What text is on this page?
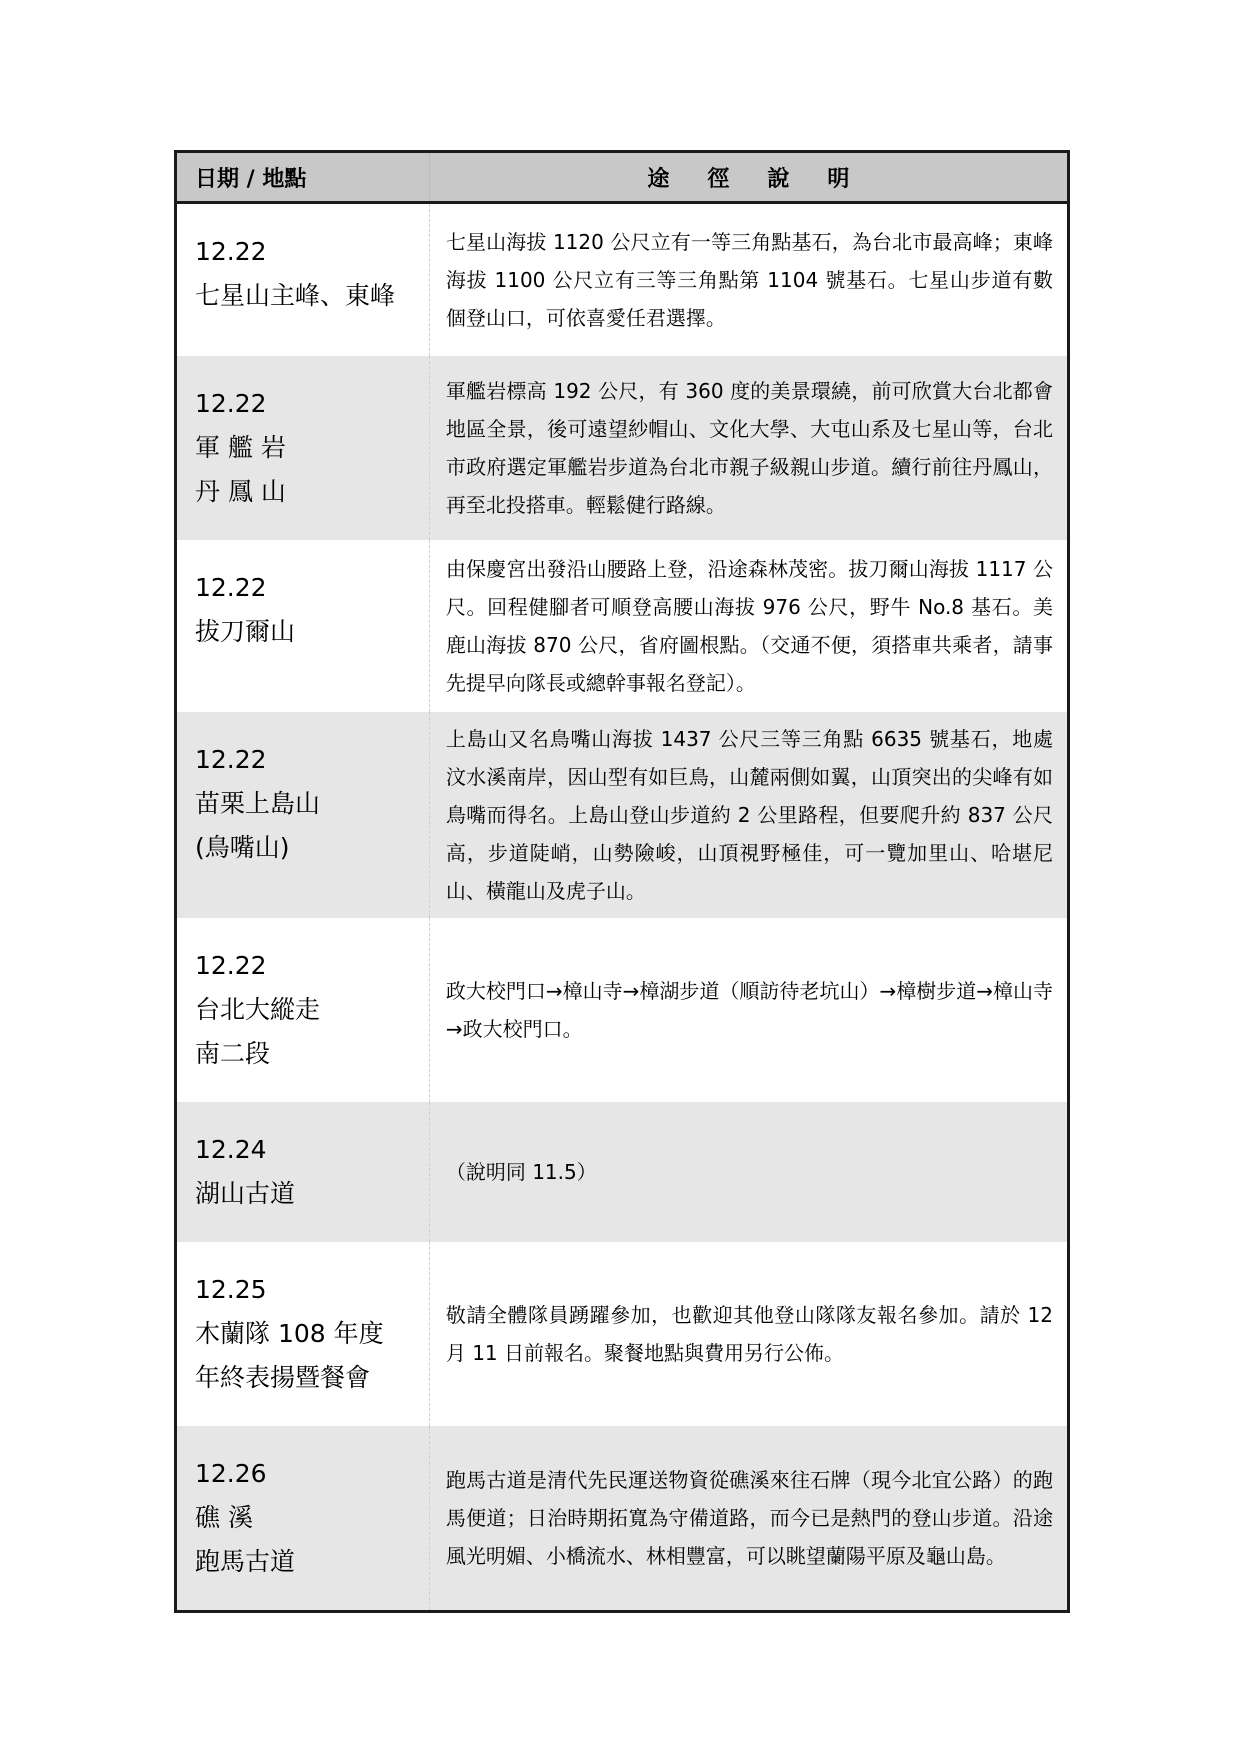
日期 / 地點	途徑說明

12.22
七星山主峰、東峰	七星山海拔 1120 公尺立有一等三角點基石，為台北市最高峰；東峰海拔 1100 公尺立有三等三角點第 1104 號基石。七星山步道有數個登山口，可依喜愛任君選擇。

12.22
軍 艦 岩
丹 鳳 山	軍艦岩標高 192 公尺，有 360 度的美景環繞，前可欣賞大台北都會地區全景，後可遠望紗帽山、文化大學、大屯山系及七星山等，台北市政府選定軍艦岩步道為台北市親子級親山步道。續行前往丹鳳山，再至北投搭車。輕鬆健行路線。

12.22
拔刀爾山	由保慶宮出發沿山腰路上登，沿途森林茂密。拔刀爾山海拔 1117 公尺。回程健腳者可順登高腰山海拔 976 公尺，野牛 No.8 基石。美鹿山海拔 870 公尺，省府圖根點。（交通不便，須搭車共乘者，請事先提早向隊長或總幹事報名登記）。

12.22
苗栗上島山
(鳥嘴山)	上島山又名鳥嘴山海拔 1437 公尺三等三角點 6635 號基石，地處汶水溪南岸，因山型有如巨鳥，山麓兩側如翼，山頂突出的尖峰有如鳥嘴而得名。上島山登山步道約 2 公里路程，但要爬升約 837 公尺高，步道陡峭，山勢險峻，山頂視野極佳，可一覽加里山、哈堪尼山、橫龍山及虎子山。

12.22
台北大縱走
南二段	政大校門口→樟山寺→樟湖步道（順訪待老坑山）→樟樹步道→樟山寺→政大校門口。

12.24
湖山古道	（說明同 11.5）

12.25
木蘭隊 108 年度
年終表揚暨餐會	敬請全體隊員踴躍參加，也歡迎其他登山隊隊友報名參加。請於 12 月 11 日前報名。聚餐地點與費用另行公佈。

12.26
礁 溪
跑馬古道	跑馬古道是清代先民運送物資從礁溪來往石牌（現今北宜公路）的跑馬便道；日治時期拓寬為守備道路，而今已是熱門的登山步道。沿途風光明媚、小橋流水、林相豐富，可以眺望蘭陽平原及龜山島。
